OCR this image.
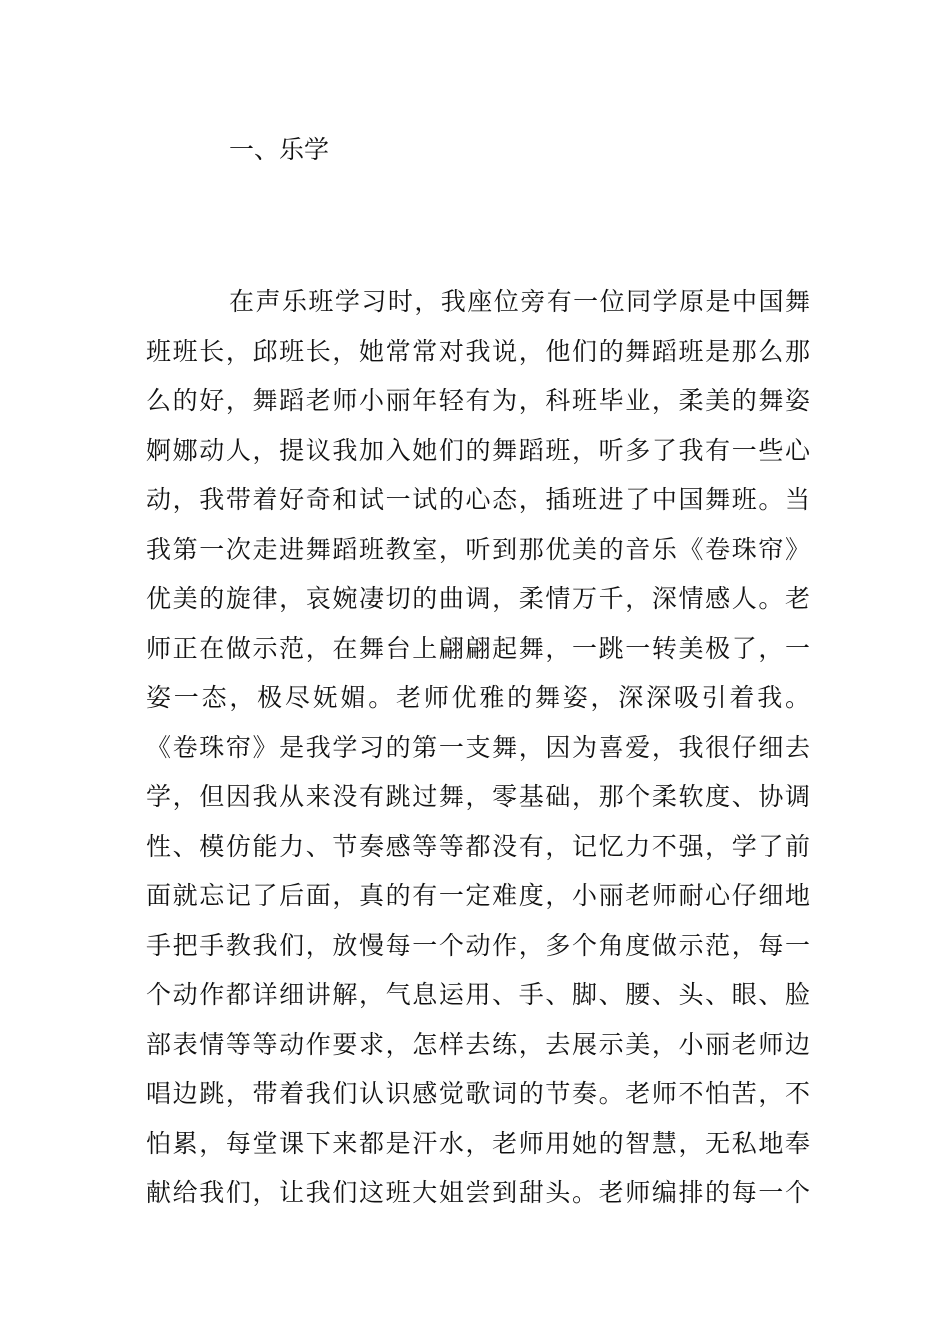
一、乐学
在声乐班学习时，我座位旁有一位同学原是中国舞
班班长，邱班长，她常常对我说，他们的舞蹈班是那么那
么的好，舞蹈老师小丽年轻有为，科班毕业，柔美的舞姿
婀娜动人，提议我加入她们的舞蹈班，听多了我有一些心
动，我带着好奇和试一试的心态，插班进了中国舞班。当
我第一次走进舞蹈班教室，听到那优美的音乐《卷珠帘》
优美的旋律，哀婉凄切的曲调，柔情万千，深情感人。老
师正在做示范，在舞台上翩翩起舞，一跳一转美极了，一
姿一态，极尽妩媚。老师优雅的舞姿，深深吸引着我。
《卷珠帘》是我学习的第一支舞，因为喜爱，我很仔细去
学，但因我从来没有跳过舞，零基础，那个柔软度、协调
性、模仿能力、节奏感等等都没有，记忆力不强，学了前
面就忘记了后面，真的有一定难度，小丽老师耐心仔细地
手把手教我们，放慢每一个动作，多个角度做示范，每一
个动作都详细讲解，气息运用、手、脚、腰、头、眼、脸
部表情等等动作要求，怎样去练，去展示美，小丽老师边
唱边跳，带着我们认识感觉歌词的节奏。老师不怕苦，不
怕累，每堂课下来都是汗水，老师用她的智慧，无私地奉
献给我们，让我们这班大姐尝到甜头。老师编排的每一个
